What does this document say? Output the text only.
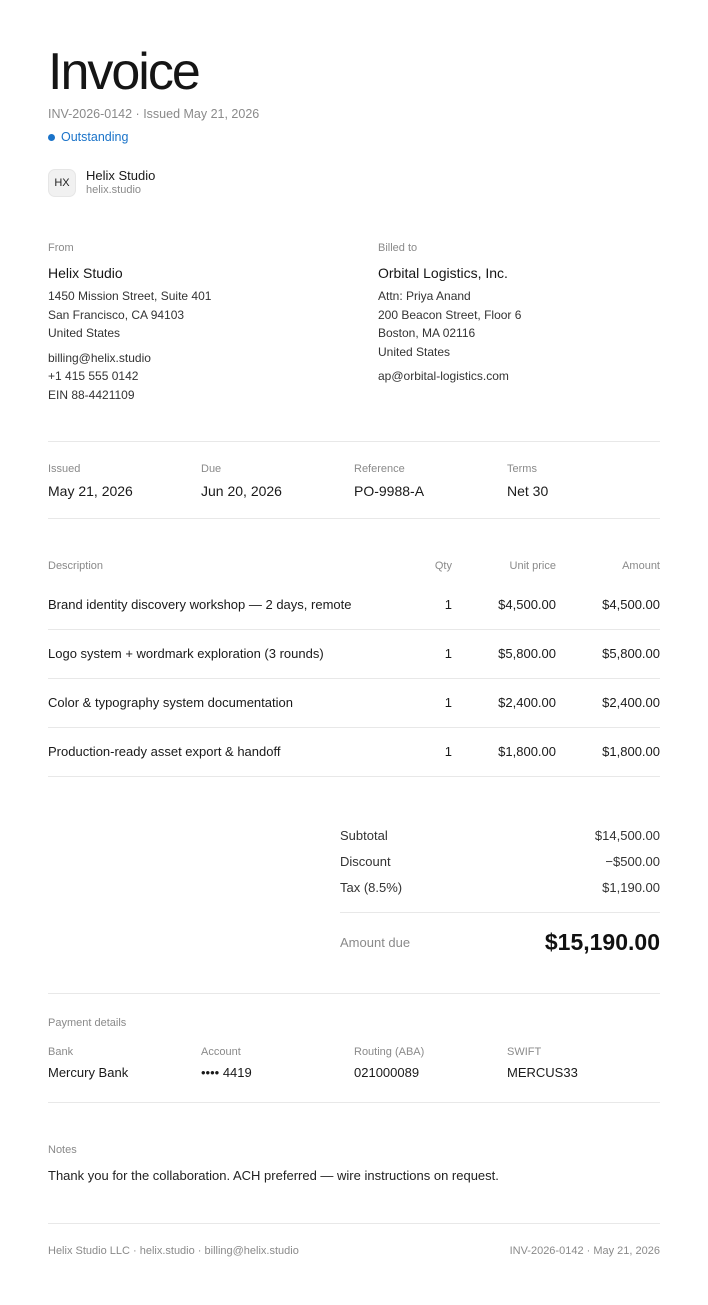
Invoice
INV-2026-0142 · Issued May 21, 2026
Outstanding
HX	Helix Studio
helix.studio
From
Helix Studio
1450 Mission Street, Suite 401
San Francisco, CA 94103
United States
billing@helix.studio
+1 415 555 0142
EIN 88-4421109
Billed to
Orbital Logistics, Inc.
Attn: Priya Anand
200 Beacon Street, Floor 6
Boston, MA 02116
United States
ap@orbital-logistics.com
Issued
May 21, 2026
Due
Jun 20, 2026
Reference
PO-9988-A
Terms
Net 30
Description	Qty	Unit price	Amount
Brand identity discovery workshop — 2 days, remote	1	$4,500.00	$4,500.00
Logo system + wordmark exploration (3 rounds)	1	$5,800.00	$5,800.00
Color & typography system documentation	1	$2,400.00	$2,400.00
Production-ready asset export & handoff	1	$1,800.00	$1,800.00
Subtotal	$14,500.00
Discount	−$500.00
Tax (8.5%)	$1,190.00
Amount due	$15,190.00
Payment details
Bank
Mercury Bank
Account
•••• 4419
Routing (ABA)
021000089
SWIFT
MERCUS33
Notes
Thank you for the collaboration. ACH preferred — wire instructions on request.
Helix Studio LLC · helix.studio · billing@helix.studio	INV-2026-0142 · May 21, 2026
